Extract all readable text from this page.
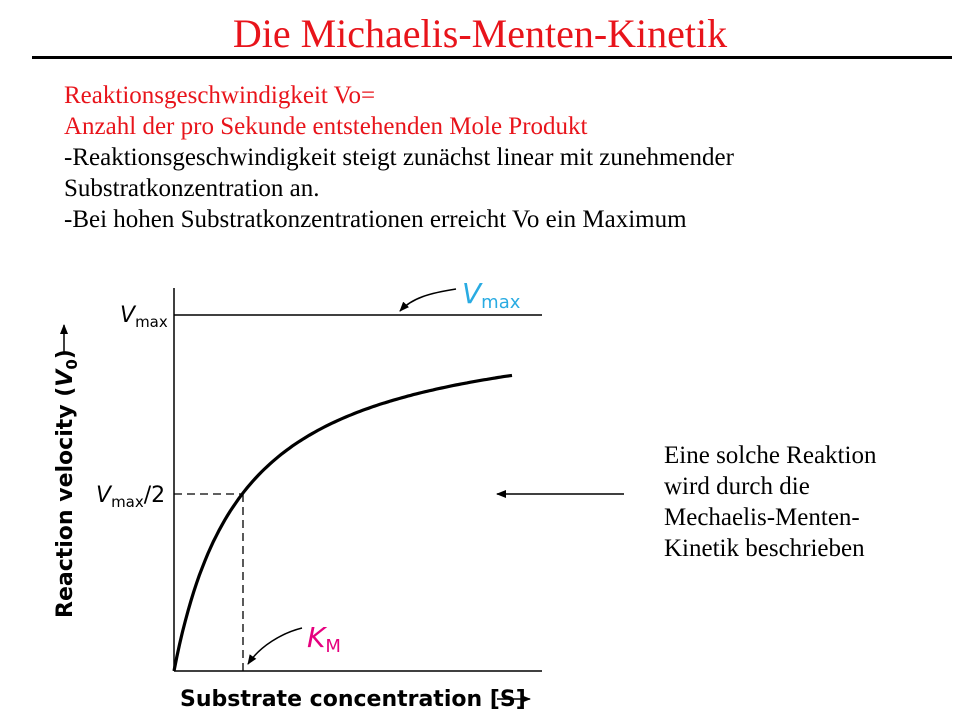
Die Michaelis-Menten-Kinetik
Reaktionsgeschwindigkeit Vo=
Anzahl der pro Sekunde entstehenden Mole Produkt
-Reaktionsgeschwindigkeit steigt zunächst linear mit zunehmender
Substratkonzentration an.
-Bei hohen Substratkonzentrationen erreicht Vo ein Maximum
Eine solche Reaktion
wird durch die
Mechaelis-Menten-
Kinetik beschrieben
$V_{max}$
$V_{max}/2$
Vmax
KM
Reaction velocity $(V_0)$
Substrate concentration [S]
